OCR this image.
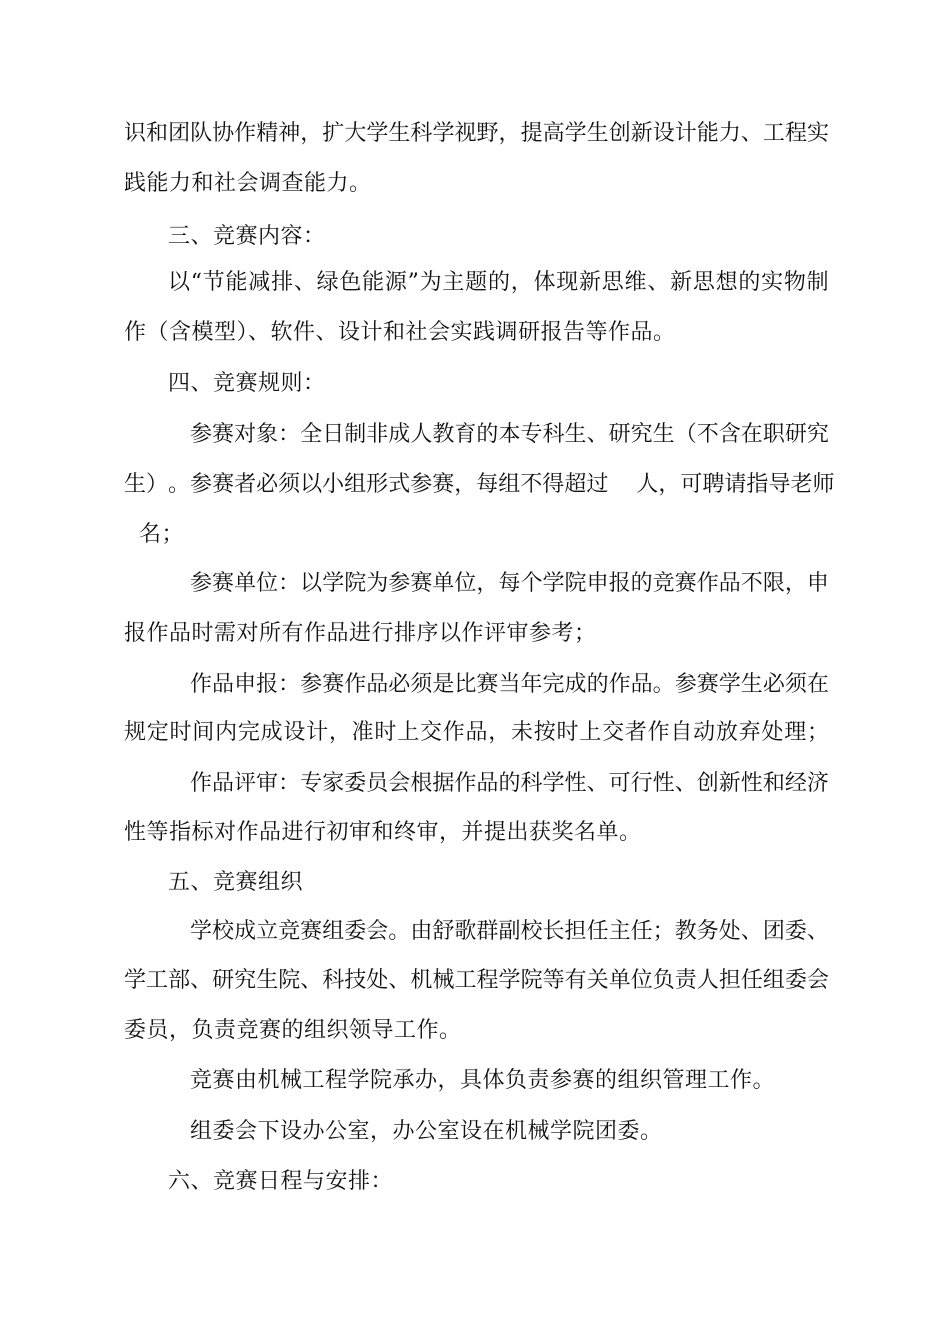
识 和 团 队 协 作 精 神 ， 扩 大 学 生 科 学 视 野 ， 提 高 学 生 创 新 设 计 能 力 、 工 程 实
践能力和社会调查能力。
三、竞赛内容：
以 “ 节 能 减 排 、 绿 色 能 源 ” 为 主 题 的 ， 体 现 新 思 维 、 新 思 想 的 实 物 制
作（含模型）、软件、设计和社会实践调研报告等作品。
四、竞赛规则：
参 赛 对 象 ： 全 日 制 非 成 人 教 育 的 本 专 科 生 、 研 究 生 （ 不 含 在 职 研 究
生 ） 。 参 赛 者 必 须 以 小 组 形 式 参 赛 ， 每 组 不 得 超 过

人 ， 可 聘 请 指 导 老 师
名；
参 赛 单 位 ： 以 学 院 为 参 赛 单 位 ， 每 个 学 院 申 报 的 竞 赛 作 品 不 限 ， 申
报作品时需对所有作品进行排序以作评审参考；
作 品 申 报 ： 参 赛 作 品 必 须 是 比 赛 当 年 完 成 的 作 品 。 参 赛 学 生 必 须 在
规 定 时 间 内 完 成 设 计 ， 准 时 上 交 作 品 ， 未 按 时 上 交 者 作 自 动 放 弃 处 理 ；
作 品 评 审 ： 专 家 委 员 会 根 据 作 品 的 科 学 性 、 可 行 性 、 创 新 性 和 经 济
性等指标对作品进行初审和终审，并提出获奖名单。
五、竞赛组织
学 校 成 立 竞 赛 组 委 会 。 由 舒 歌 群 副 校 长 担 任 主 任 ； 教 务 处 、 团 委 、
学 工 部 、 研 究 生 院 、 科 技 处 、 机 械 工 程 学 院 等 有 关 单 位 负 责 人 担 任 组 委 会
委员，负责竞赛的组织领导工作。
竞赛由机械工程学院承办，具体负责参赛的组织管理工作。
组委会下设办公室，办公室设在机械学院团委。
六、竞赛日程与安排：
